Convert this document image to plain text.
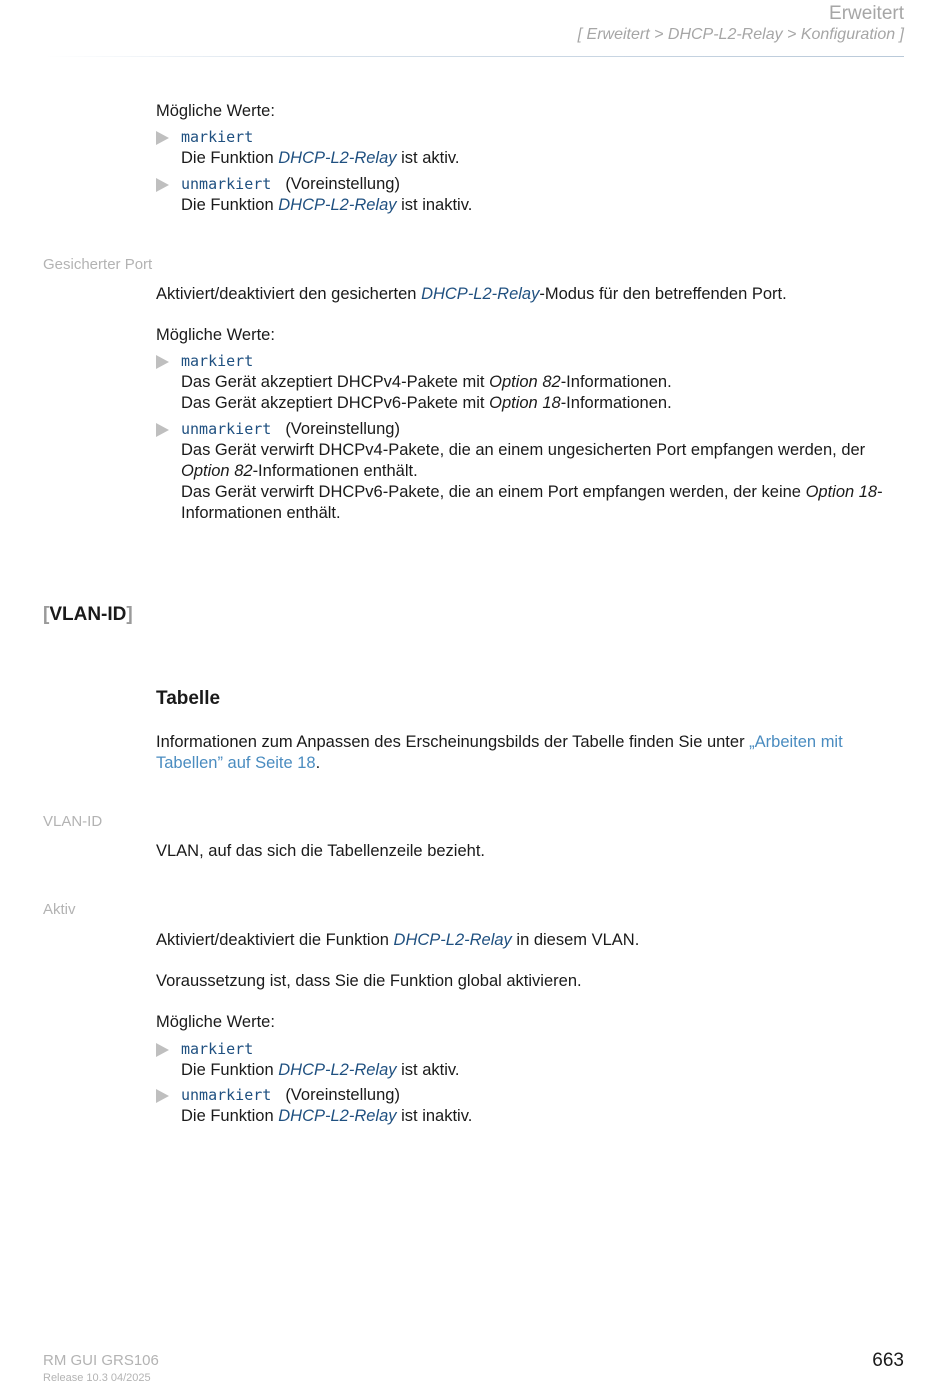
Erweitert
[ Erweitert > DHCP-L2-Relay > Konfiguration ]
Mögliche Werte:
markiert
Die Funktion DHCP-L2-Relay ist aktiv.
unmarkiert (Voreinstellung)
Die Funktion DHCP-L2-Relay ist inaktiv.
Gesicherter Port
Aktiviert/deaktiviert den gesicherten DHCP-L2-Relay-Modus für den betreffenden Port.
Mögliche Werte:
markiert
Das Gerät akzeptiert DHCPv4-Pakete mit Option 82-Informationen.
Das Gerät akzeptiert DHCPv6-Pakete mit Option 18-Informationen.
unmarkiert (Voreinstellung)
Das Gerät verwirft DHCPv4-Pakete, die an einem ungesicherten Port empfangen werden, der Option 82-Informationen enthält.
Das Gerät verwirft DHCPv6-Pakete, die an einem Port empfangen werden, der keine Option 18-Informationen enthält.
[VLAN-ID]
Tabelle
Informationen zum Anpassen des Erscheinungsbilds der Tabelle finden Sie unter „Arbeiten mit Tabellen” auf Seite 18.
VLAN-ID
VLAN, auf das sich die Tabellenzeile bezieht.
Aktiv
Aktiviert/deaktiviert die Funktion DHCP-L2-Relay in diesem VLAN.
Voraussetzung ist, dass Sie die Funktion global aktivieren.
Mögliche Werte:
markiert
Die Funktion DHCP-L2-Relay ist aktiv.
unmarkiert (Voreinstellung)
Die Funktion DHCP-L2-Relay ist inaktiv.
RM GUI GRS106
Release 10.3 04/2025
663
